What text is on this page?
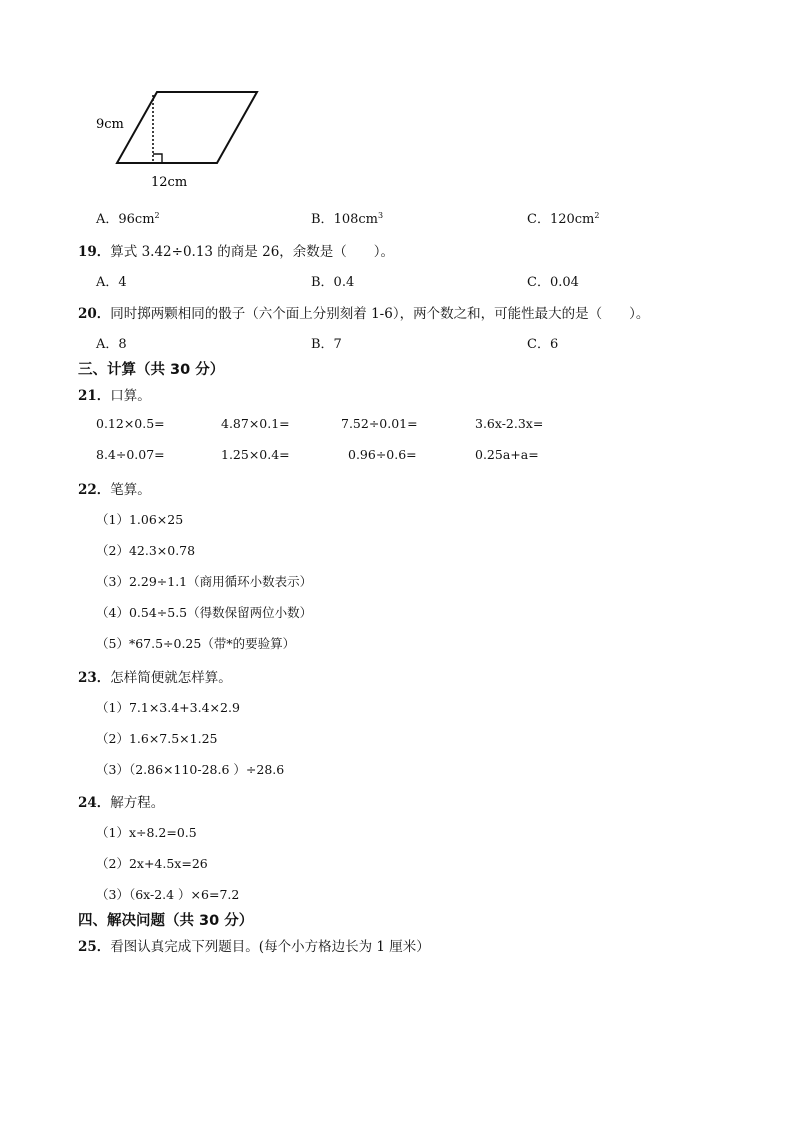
9cm
12cm
A．$96cm^2$	B．$108cm^3$	C．$120cm^2$
19．算式 3.42÷0.13 的商是 26，余数是（　　）。
A．4	B．0.4	C．0.04
20．同时掷两颗相同的骰子（六个面上分别刻着 1-6），两个数之和，可能性最大的是（　　）。
A．8	B．7	C．6
三、计算（共 30 分）
21．口算。
0.12×0.5=	4.87×0.1=	7.52÷0.01=	3.6x-2.3x=
8.4÷0.07=	1.25×0.4=	0.96÷0.6=	0.25a+a=
22．笔算。
（1）1.06×25
（2）42.3×0.78
（3）2.29÷1.1（商用循环小数表示）
（4）0.54÷5.5（得数保留两位小数）
（5）*67.5÷0.25（带*的要验算）
23．怎样简便就怎样算。
（1）7.1×3.4+3.4×2.9
（2）1.6×7.5×1.25
（3）（2.86×110-28.6 ）÷28.6
24．解方程。
（1）x÷8.2=0.5
（2）2x+4.5x=26
（3）（6x-2.4 ）×6=7.2
四、解决问题（共 30 分）
25．看图认真完成下列题目。(每个小方格边长为 1 厘米）
